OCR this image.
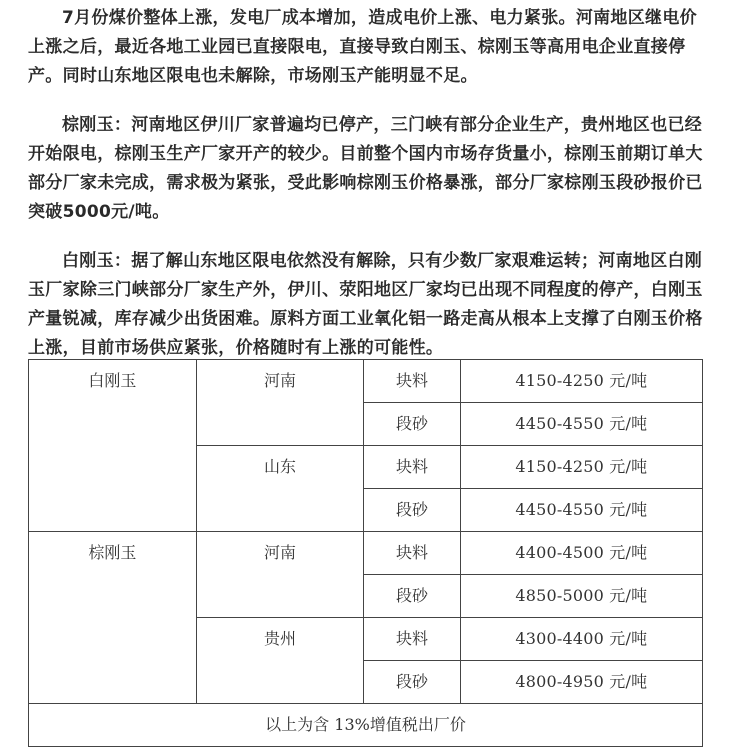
7月份煤价整体上涨，发电厂成本增加，造成电价上涨、电力紧张。河南地区继电价上涨之后，最近各地工业园已直接限电，直接导致白刚玉、棕刚玉等高用电企业直接停产。同时山东地区限电也未解除，市场刚玉产能明显不足。

棕刚玉：河南地区伊川厂家普遍均已停产，三门峡有部分企业生产，贵州地区也已经开始限电，棕刚玉生产厂家开产的较少。目前整个国内市场存货量小，棕刚玉前期订单大部分厂家未完成，需求极为紧张，受此影响棕刚玉价格暴涨，部分厂家棕刚玉段砂报价已突破5000元/吨。

白刚玉：据了解山东地区限电依然没有解除，只有少数厂家艰难运转；河南地区白刚玉厂家除三门峡部分厂家生产外，伊川、荥阳地区厂家均已出现不同程度的停产，白刚玉产量锐减，库存减少出货困难。原料方面工业氧化铝一路走高从根本上支撑了白刚玉价格上涨，目前市场供应紧张，价格随时有上涨的可能性。

白刚玉	河南	块料	4150-4250 元/吨
		段砂	4450-4550 元/吨
	山东	块料	4150-4250 元/吨
		段砂	4450-4550 元/吨
棕刚玉	河南	块料	4400-4500 元/吨
		段砂	4850-5000 元/吨
	贵州	块料	4300-4400 元/吨
		段砂	4800-4950 元/吨
以上为含 13%增值税出厂价			
